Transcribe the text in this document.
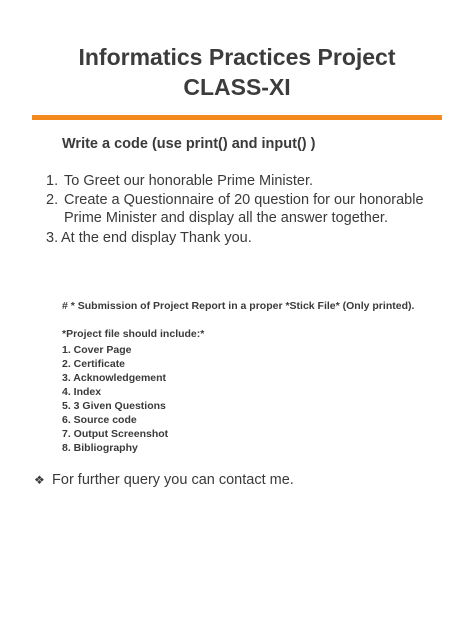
Informatics Practices Project
CLASS-XI
Write a code (use print() and input() )
1. To Greet our honorable Prime Minister.
2. Create a Questionnaire of 20 question for our honorable
Prime Minister and display all the answer together.
3. At the end display Thank you.
# * Submission of Project Report in a proper *Stick File* (Only printed).
*Project file should include:*
1. Cover Page
2. Certificate
3. Acknowledgement
4. Index
5. 3 Given Questions
6. Source code
7. Output Screenshot
8. Bibliography
❖ For further query you can contact me.
